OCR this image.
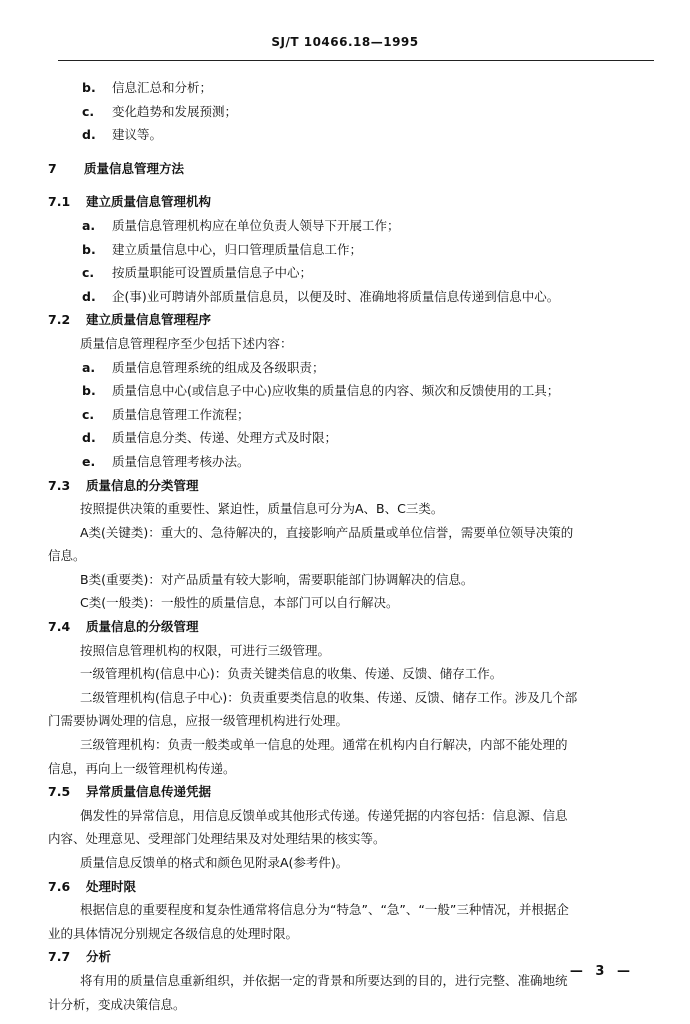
SJ/T 10466.18—1995
b. 信息汇总和分析；
c. 变化趋势和发展预测；
d. 建议等。
7 质量信息管理方法
7.1 建立质量信息管理机构
a. 质量信息管理机构应在单位负责人领导下开展工作；
b. 建立质量信息中心，归口管理质量信息工作；
c. 按质量职能可设置质量信息子中心；
d. 企(事)业可聘请外部质量信息员，以便及时、准确地将质量信息传递到信息中心。
7.2 建立质量信息管理程序
质量信息管理程序至少包括下述内容：
a. 质量信息管理系统的组成及各级职责；
b. 质量信息中心(或信息子中心)应收集的质量信息的内容、频次和反馈使用的工具；
c. 质量信息管理工作流程；
d. 质量信息分类、传递、处理方式及时限；
e. 质量信息管理考核办法。
7.3 质量信息的分类管理
按照提供决策的重要性、紧迫性，质量信息可分为A、B、C三类。
A类(关键类)：重大的、急待解决的，直接影响产品质量或单位信誉，需要单位领导决策的
信息。
B类(重要类)：对产品质量有较大影响，需要职能部门协调解决的信息。
C类(一般类)：一般性的质量信息，本部门可以自行解决。
7.4 质量信息的分级管理
按照信息管理机构的权限，可进行三级管理。
一级管理机构(信息中心)：负责关键类信息的收集、传递、反馈、储存工作。
二级管理机构(信息子中心)：负责重要类信息的收集、传递、反馈、储存工作。涉及几个部
门需要协调处理的信息，应报一级管理机构进行处理。
三级管理机构：负责一般类或单一信息的处理。通常在机构内自行解决，内部不能处理的
信息，再向上一级管理机构传递。
7.5 异常质量信息传递凭据
偶发性的异常信息，用信息反馈单或其他形式传递。传递凭据的内容包括：信息源、信息
内容、处理意见、受理部门处理结果及对处理结果的核实等。
质量信息反馈单的格式和颜色见附录A(参考件)。
7.6 处理时限
根据信息的重要程度和复杂性通常将信息分为“特急”、“急”、“一般”三种情况，并根据企
业的具体情况分别规定各级信息的处理时限。
7.7 分析
将有用的质量信息重新组织，并依据一定的背景和所要达到的目的，进行完整、准确地统
计分析，变成决策信息。
— 3 —
